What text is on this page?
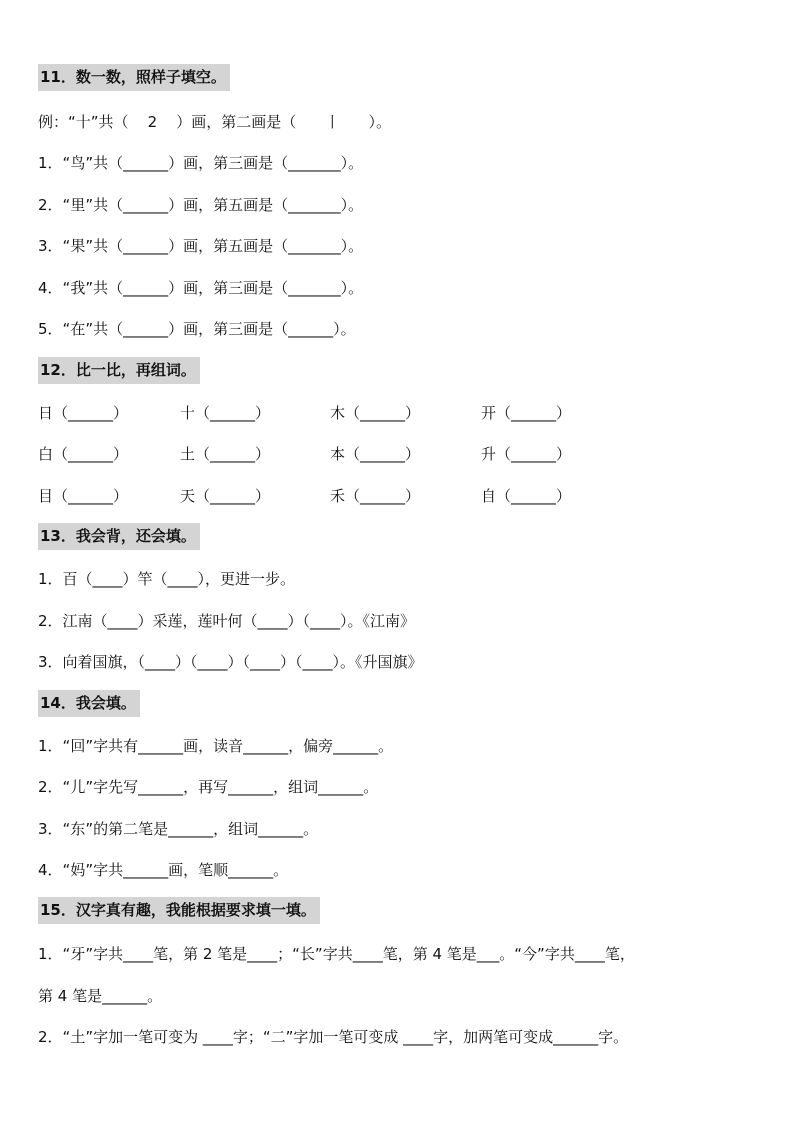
11．数一数，照样子填空。
例：“十”共（    2    ）画，第二画是（      丨      ）。
1．“鸟”共（______）画，第三画是（_______）。
2．“里”共（______）画，第五画是（_______）。
3．“果”共（______）画，第五画是（_______）。
4．“我”共（______）画，第三画是（_______）。
5．“在”共（______）画，第三画是（______）。
12．比一比，再组词。
日（______）	十（______）	木（______）	开（______）
白（______）	土（______）	本（______）	升（______）
目（______）	天（______）	禾（______）	自（______）
13．我会背，还会填。
1．百（____）竿（____），更进一步。
2．江南（____）采莲，莲叶何（____）（____）。《江南》
3．向着国旗，（____）（____）（____）（____）。《升国旗》
14．我会填。
1．“回”字共有______画，读音______，偏旁______。
2．“儿”字先写______，再写______，组词______。
3．“东”的第二笔是______，组词______。
4．“妈”字共______画，笔顺______。
15．汉字真有趣，我能根据要求填一填。
1．“牙”字共____笔，第 2 笔是____；“长”字共____笔，第 4 笔是___。“今”字共____笔，
第 4 笔是______。
2．“土”字加一笔可变为 ____字；“二”字加一笔可变成 ____字，加两笔可变成______字。
